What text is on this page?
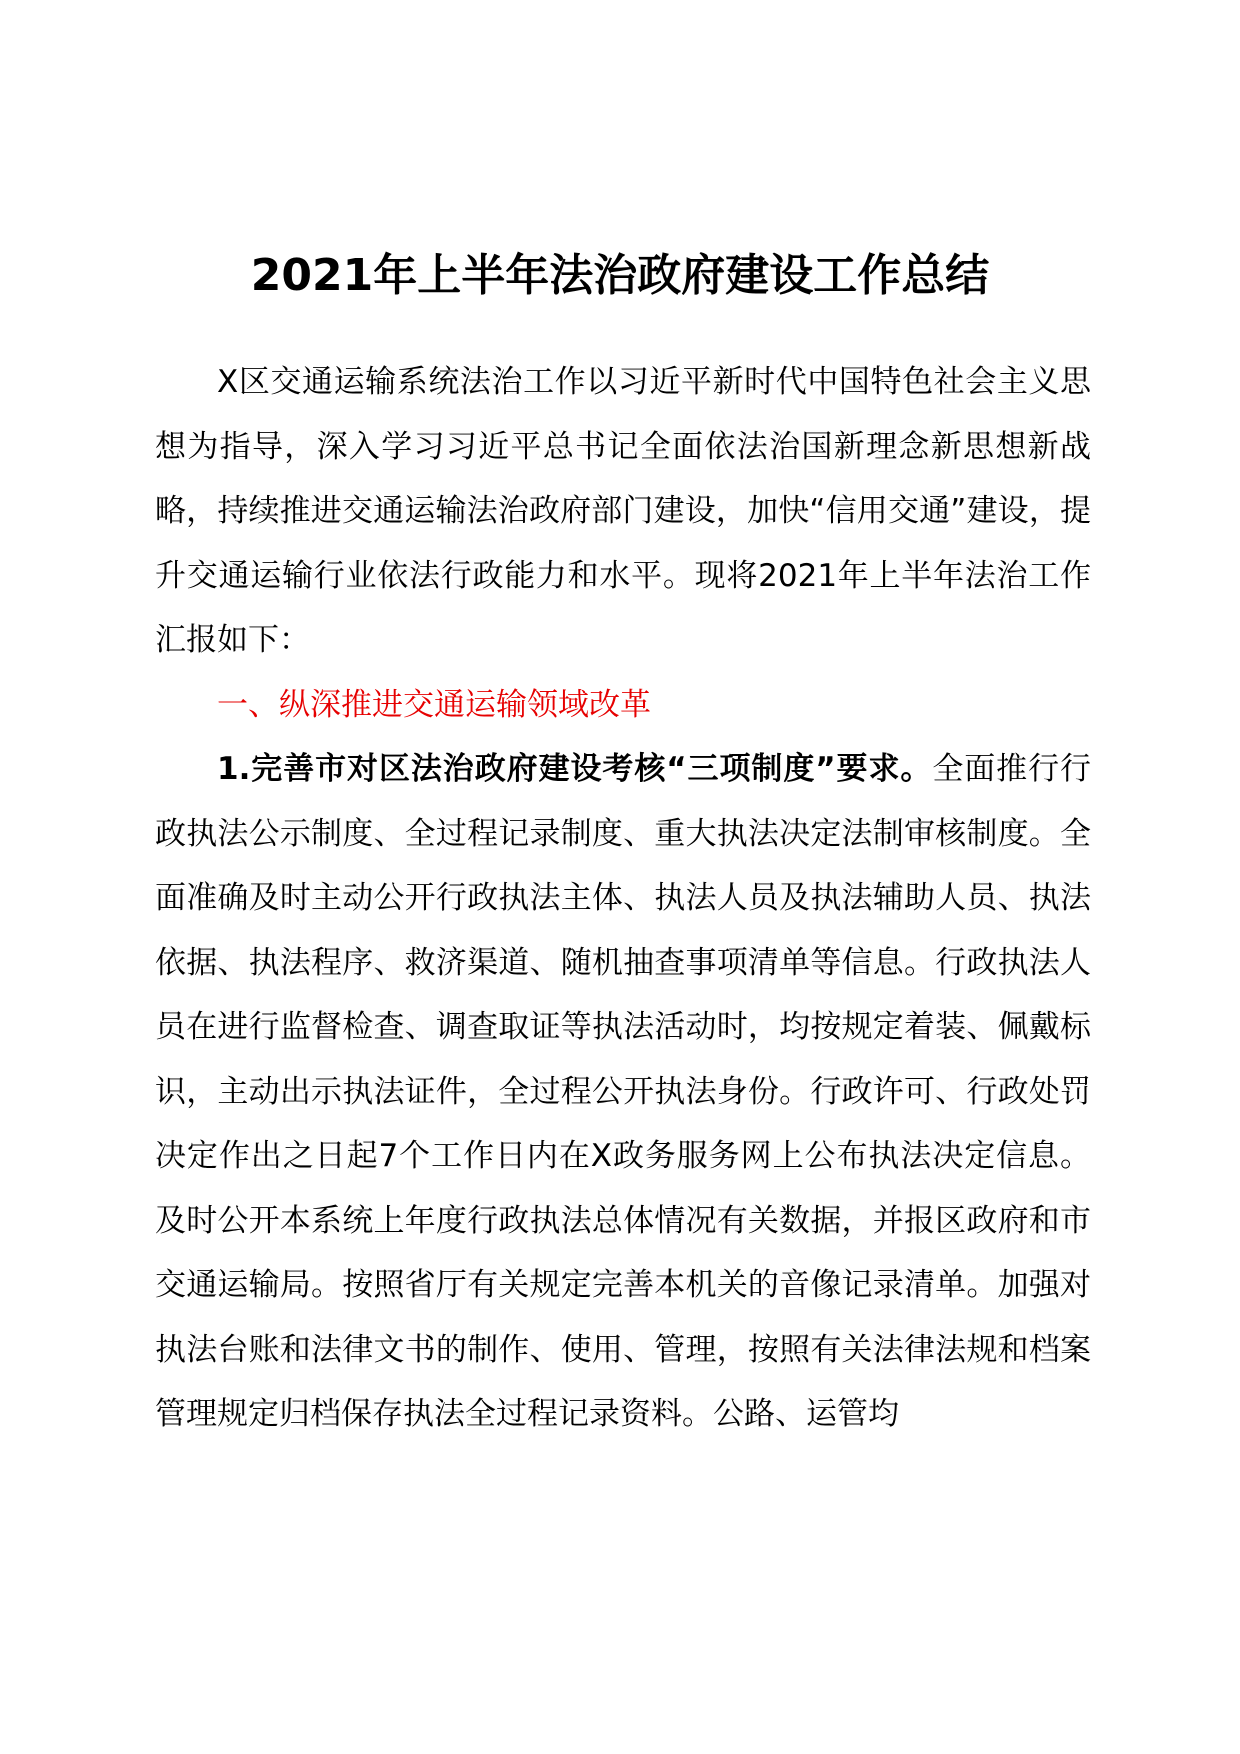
2021年上半年法治政府建设工作总结

X区交通运输系统法治工作以习近平新时代中国特色社会主义思想为指导，深入学习习近平总书记全面依法治国新理念新思想新战略，持续推进交通运输法治政府部门建设，加快“信用交通”建设，提升交通运输行业依法行政能力和水平。现将2021年上半年法治工作汇报如下：

一、纵深推进交通运输领域改革

1.完善市对区法治政府建设考核“三项制度”要求。全面推行行政执法公示制度、全过程记录制度、重大执法决定法制审核制度。全面准确及时主动公开行政执法主体、执法人员及执法辅助人员、执法依据、执法程序、救济渠道、随机抽查事项清单等信息。行政执法人员在进行监督检查、调查取证等执法活动时，均按规定着装、佩戴标识，主动出示执法证件，全过程公开执法身份。行政许可、行政处罚决定作出之日起7个工作日内在X政务服务网上公布执法决定信息。及时公开本系统上年度行政执法总体情况有关数据，并报区政府和市交通运输局。按照省厅有关规定完善本机关的音像记录清单。加强对执法台账和法律文书的制作、使用、管理，按照有关法律法规和档案管理规定归档保存执法全过程记录资料。公路、运管均
